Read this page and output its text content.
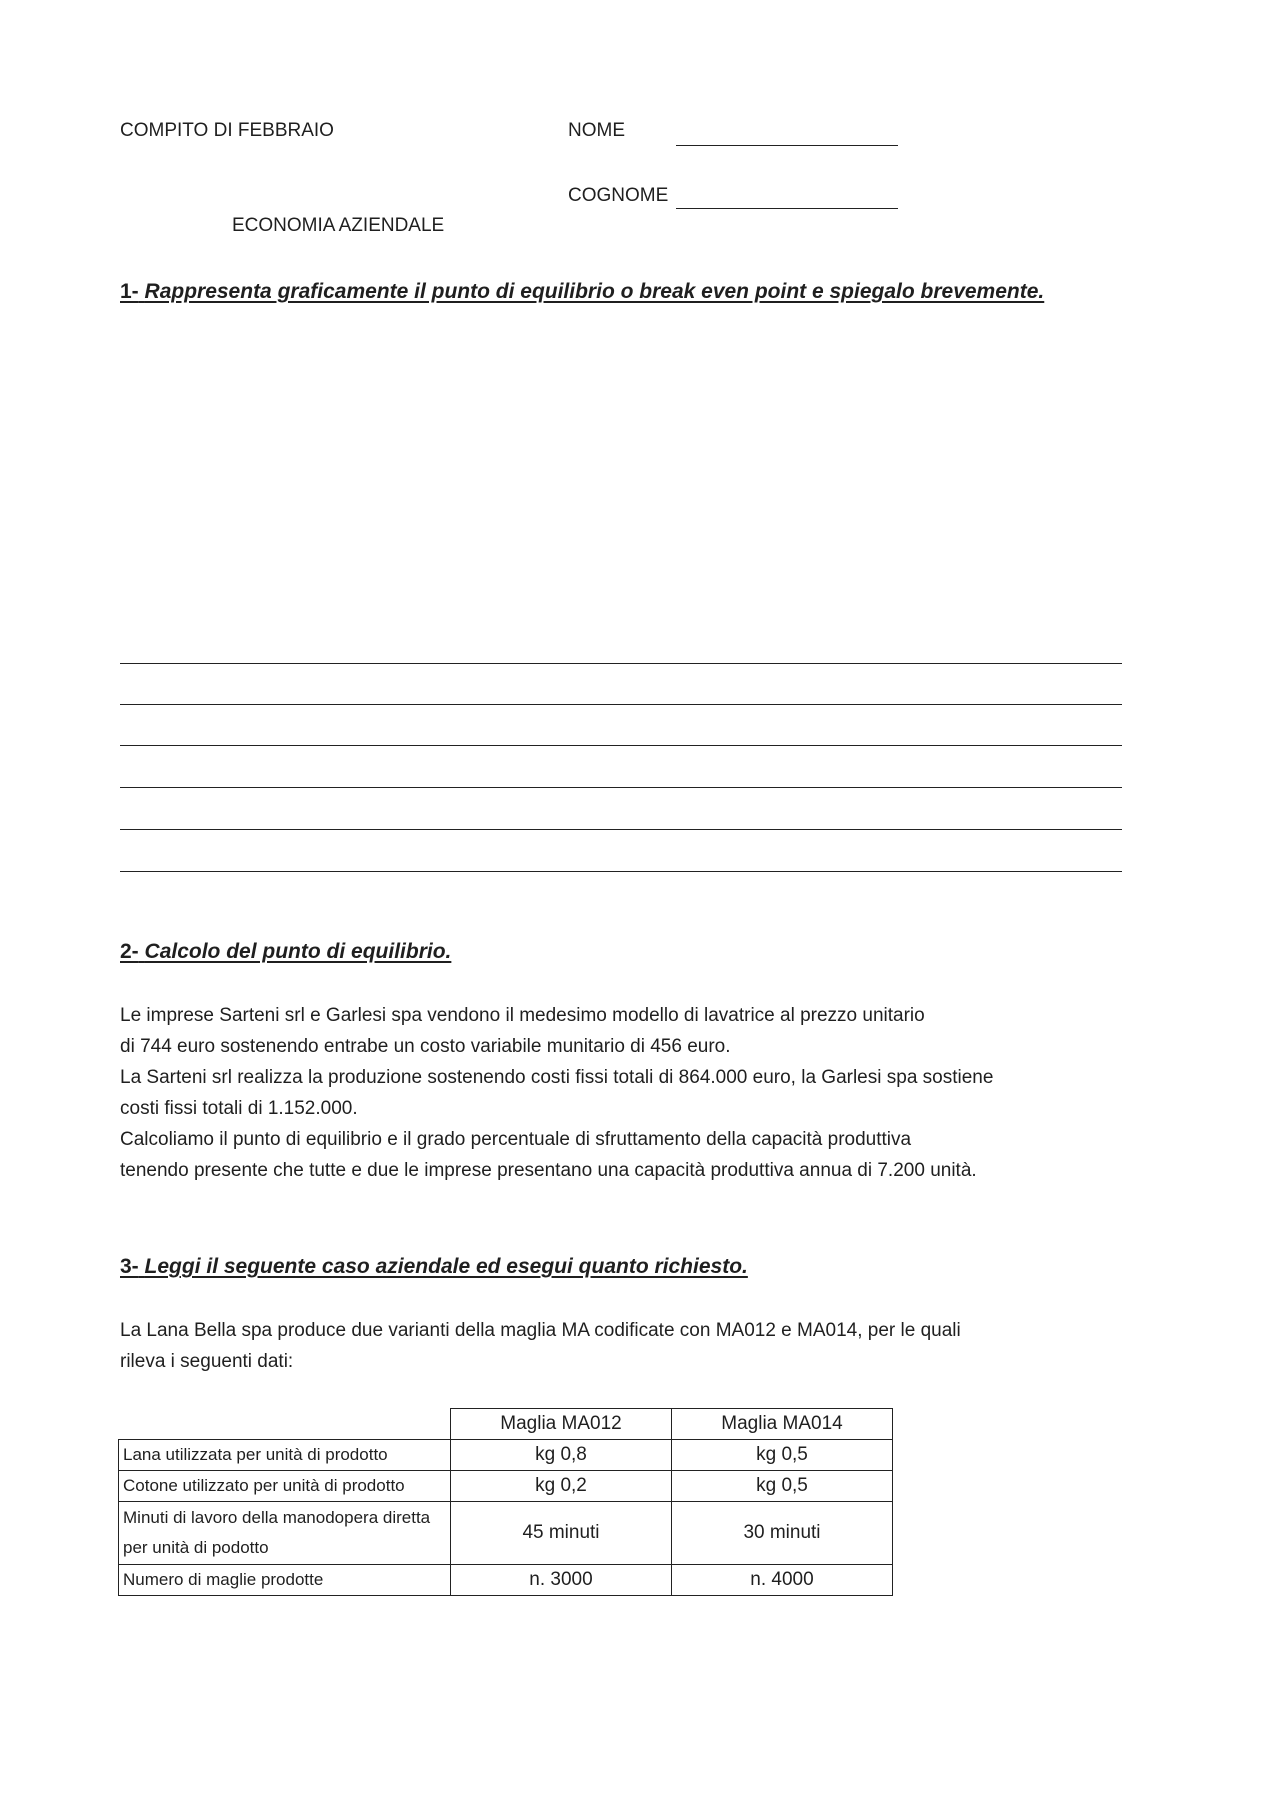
COMPITO DI FEBBRAIO
ECONOMIA AZIENDALE
NOME
COGNOME
1- Rappresenta graficamente il punto di equilibrio o break even point e spiegalo brevemente.
2- Calcolo del punto di equilibrio.
Le imprese Sarteni srl e Garlesi spa vendono il medesimo modello di lavatrice al prezzo unitario
di 744 euro sostenendo entrabe un costo variabile munitario di 456 euro.
La Sarteni srl realizza la produzione sostenendo costi fissi totali di 864.000 euro, la Garlesi spa sostiene
costi fissi totali di 1.152.000.
Calcoliamo il punto di equilibrio e il grado percentuale di sfruttamento della capacità produttiva
tenendo presente che tutte e due le imprese presentano una capacità produttiva annua di 7.200 unità.
3- Leggi il seguente caso aziendale ed esegui quanto richiesto.
La Lana Bella spa produce due varianti della maglia MA codificate con MA012 e MA014, per le quali
rileva i seguenti dati:
	Maglia MA012	Maglia MA014
Lana utilizzata per unità di prodotto	kg 0,8	kg 0,5
Cotone utilizzato per unità di prodotto	kg 0,2	kg 0,5
Minuti di lavoro della manodopera diretta per unità di podotto	45 minuti	30 minuti
Numero di maglie prodotte	n. 3000	n. 4000
